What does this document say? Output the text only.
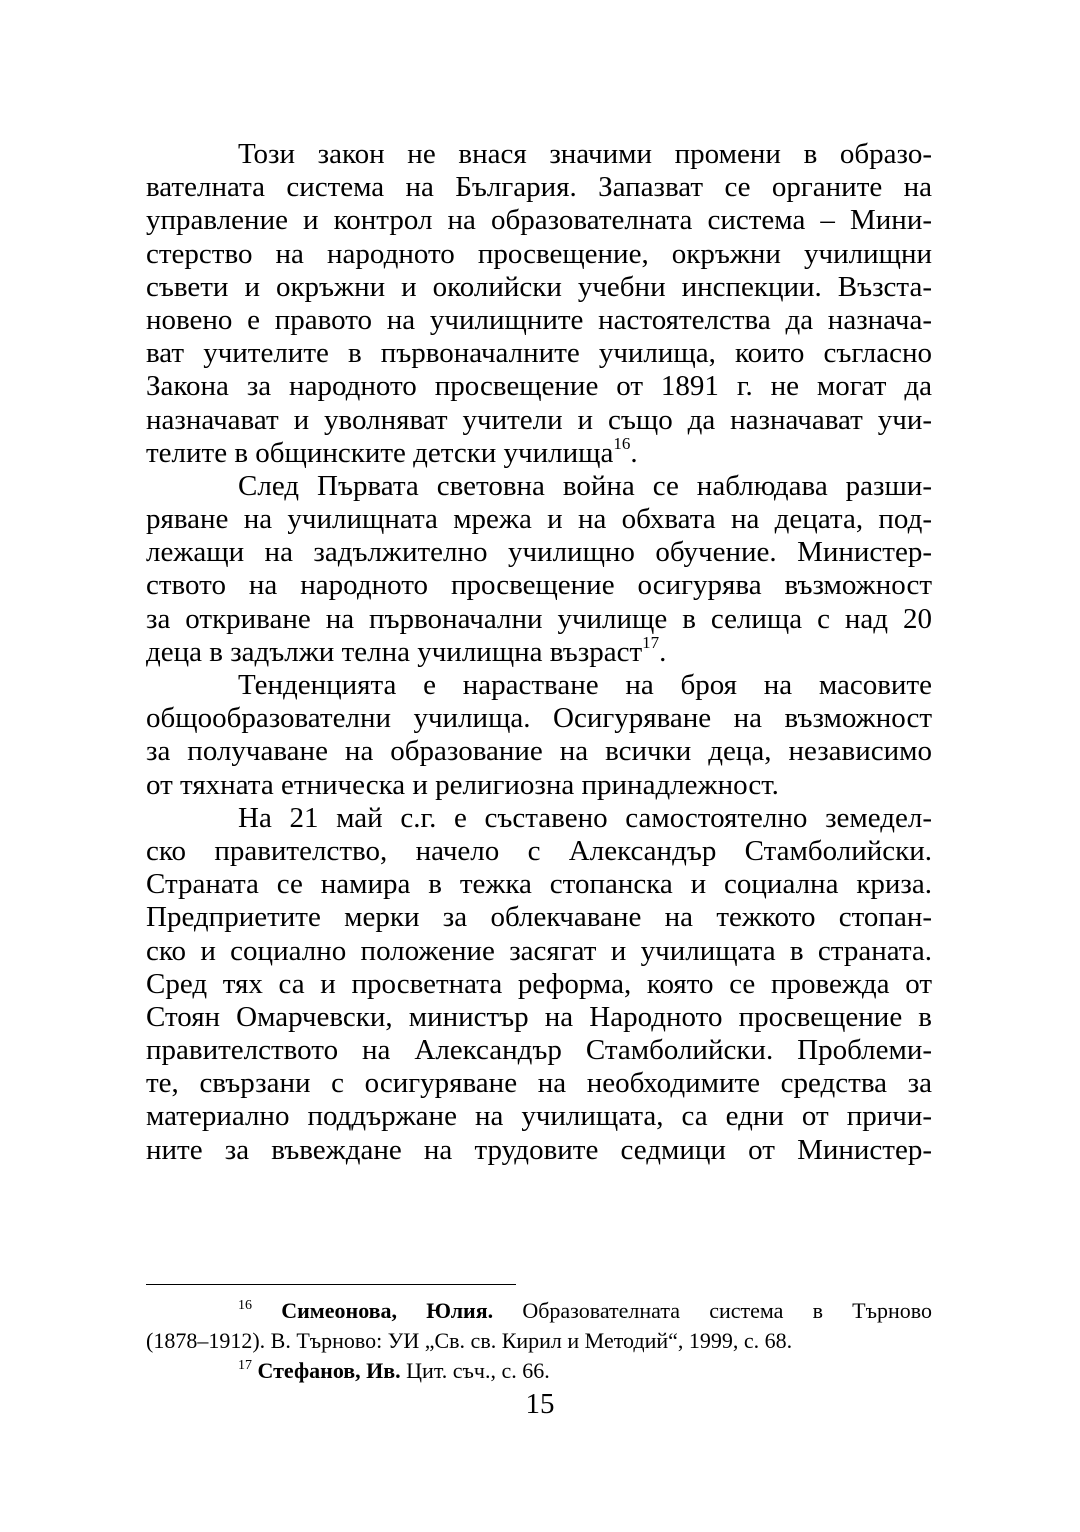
Този закон не внася значими промени в образо-
вателната система на България. Запазват се органите на
управление и контрол на образователната система – Мини-
стерство на народното просвещение, окръжни училищни
съвети и окръжни и околийски учебни инспекции. Възста-
новено е правото на училищните настоятелства да назнача-
ват учителите в първоначалните училища, които съгласно
Закона за народното просвещение от 1891 г. не могат да
назначават и уволняват учители и също да назначават учи-
телите в общинските детски училища$^{16}$.
След Първата световна война се наблюдава разши-
ряване на училищната мрежа и на обхвата на децата, под-
лежащи на задължително училищно обучение. Министер-
ството на народното просвещение осигурява възможност
за откриване на първоначални училище в селища с над 20
деца в задължи телна училищна възраст$^{17}$.
Тенденцията е нарастване на броя на масовите
общообразователни училища. Осигуряване на възможност
за получаване на образование на всички деца, независимо
от тяхната етническа и религиозна принадлежност.
На 21 май с.г. е съставено самостоятелно земедел-
ско правителство, начело с Александър Стамболийски.
Страната се намира в тежка стопанска и социална криза.
Предприетите мерки за облекчаване на тежкото стопан-
ско и социално положение засягат и училищата в страната.
Сред тях са и просветната реформа, която се провежда от
Стоян Омарчевски, министър на Народното просвещение в
правителството на Александър Стамболийски. Проблеми-
те, свързани с осигуряване на необходимите средства за
материално поддържане на училищата, са едни от причи-
ните за въвеждане на трудовите седмици от Министер-
$^{16}$ Симеонова, Юлия. Образователната система в Търново
(1878–1912). В. Търново: УИ „Св. св. Кирил и Методий“, 1999, с. 68.
$^{17}$ Стефанов, Ив. Цит. съч., с. 66.
15
